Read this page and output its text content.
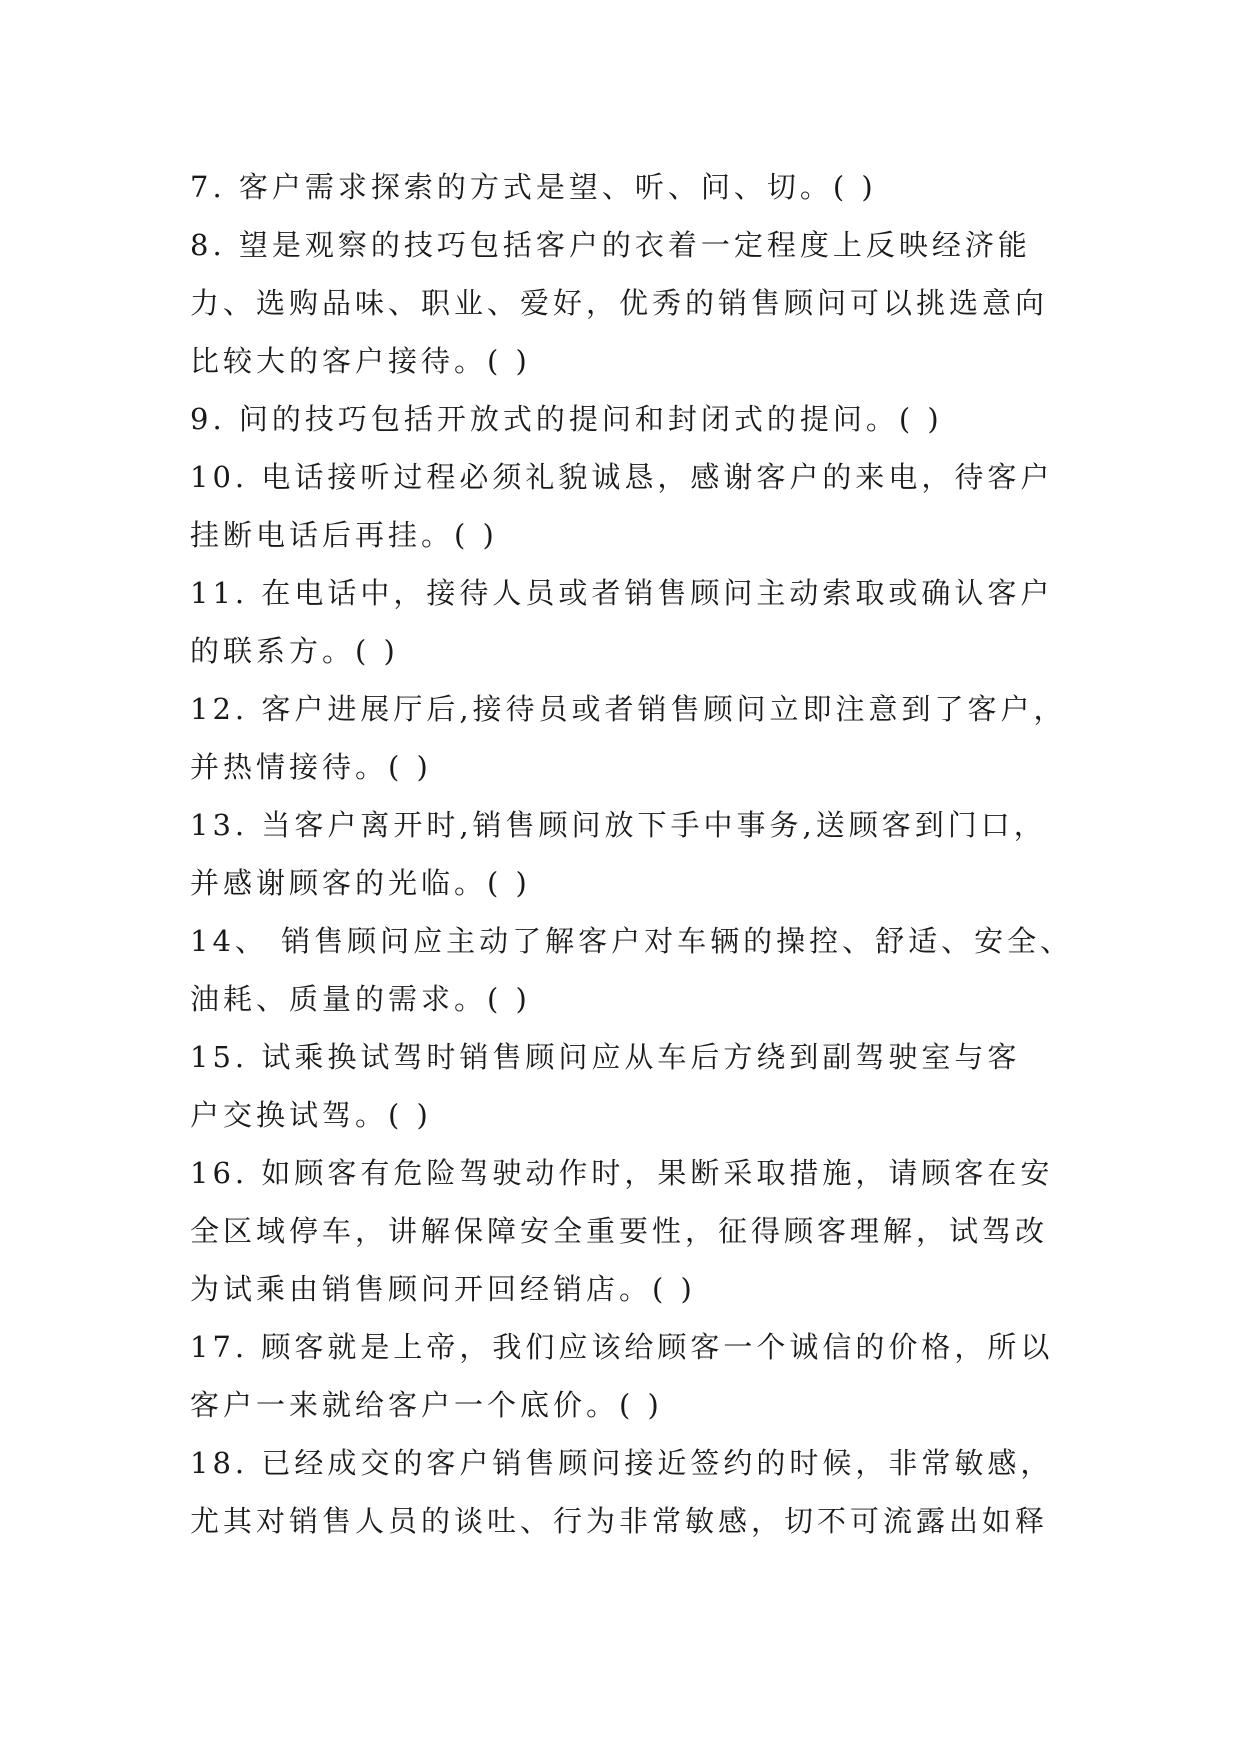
7. 客户需求探索的方式是望、听、问、切。( )
8. 望是观察的技巧包括客户的衣着一定程度上反映经济能
力、选购品味、职业、爱好，优秀的销售顾问可以挑选意向
比较大的客户接待。( )
9. 问的技巧包括开放式的提问和封闭式的提问。( )
10. 电话接听过程必须礼貌诚恳，感谢客户的来电，待客户
挂断电话后再挂。( )
11. 在电话中，接待人员或者销售顾问主动索取或确认客户
的联系方。( )
12. 客户进展厅后,接待员或者销售顾问立即注意到了客户，
并热情接待。( )
13. 当客户离开时,销售顾问放下手中事务,送顾客到门口，
并感谢顾客的光临。( )
14、 销售顾问应主动了解客户对车辆的操控、舒适、安全、
油耗、质量的需求。( )
15. 试乘换试驾时销售顾问应从车后方绕到副驾驶室与客
户交换试驾。( )
16. 如顾客有危险驾驶动作时，果断采取措施，请顾客在安
全区域停车，讲解保障安全重要性，征得顾客理解，试驾改
为试乘由销售顾问开回经销店。( )
17. 顾客就是上帝，我们应该给顾客一个诚信的价格，所以
客户一来就给客户一个底价。( )
18. 已经成交的客户销售顾问接近签约的时候，非常敏感，
尤其对销售人员的谈吐、行为非常敏感，切不可流露出如释
